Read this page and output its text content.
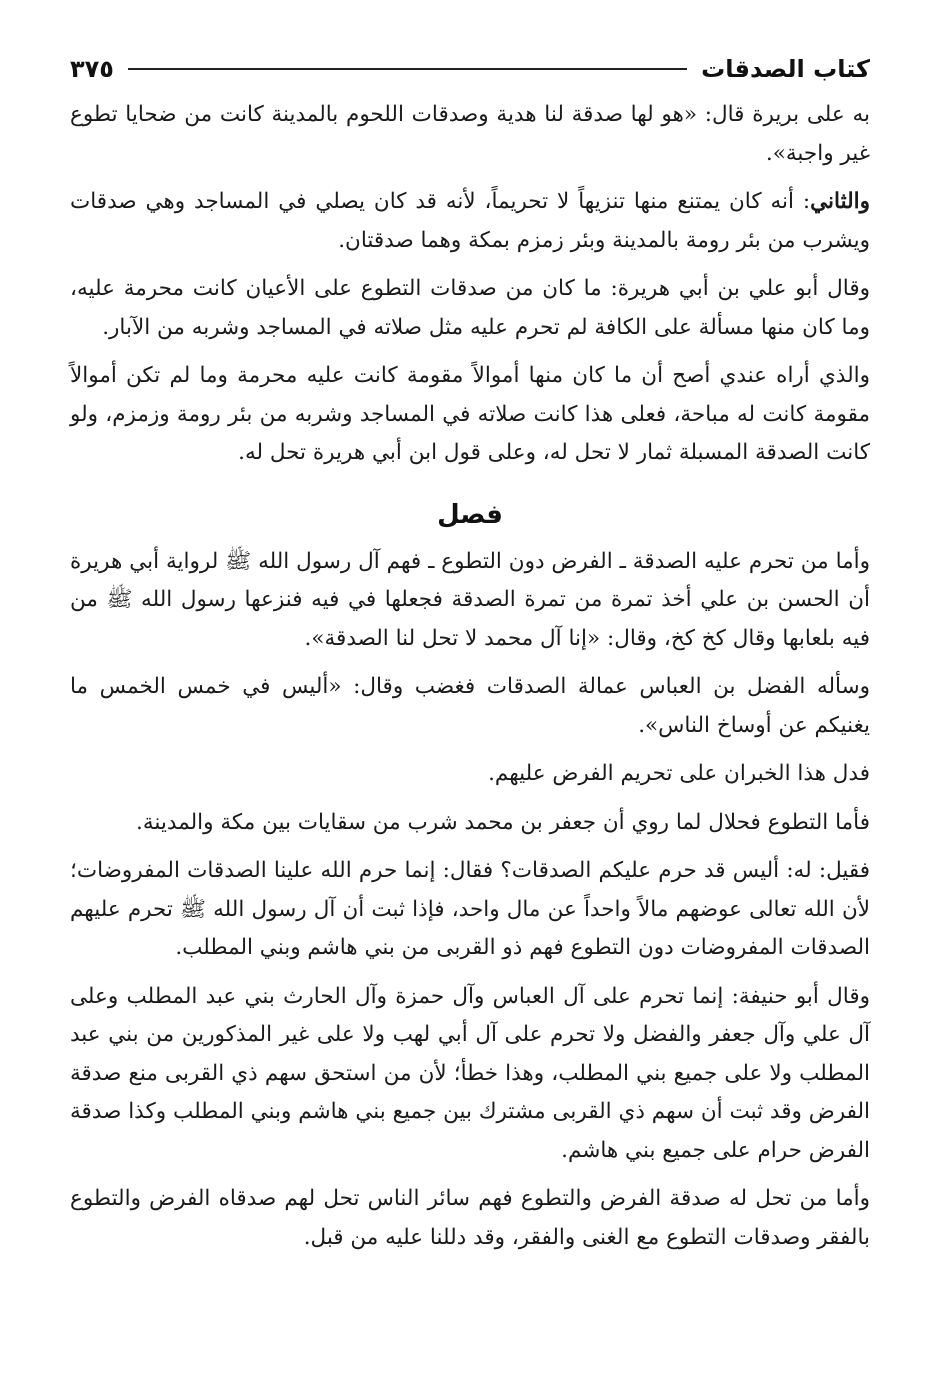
كتاب الصدقات
٣٧٥

به على بريرة قال: «هو لها صدقة لنا هدية وصدقات اللحوم بالمدينة كانت من ضحايا تطوع غير واجبة».

والثاني: أنه كان يمتنع منها تنزيهاً لا تحريماً، لأنه قد كان يصلي في المساجد وهي صدقات ويشرب من بئر رومة بالمدينة وبئر زمزم بمكة وهما صدقتان.

وقال أبو علي بن أبي هريرة: ما كان من صدقات التطوع على الأعيان كانت محرمة عليه، وما كان منها مسألة على الكافة لم تحرم عليه مثل صلاته في المساجد وشربه من الآبار.

والذي أراه عندي أصح أن ما كان منها أموالاً مقومة كانت عليه محرمة وما لم تكن أموالاً مقومة كانت له مباحة، فعلى هذا كانت صلاته في المساجد وشربه من بئر رومة وزمزم، ولو كانت الصدقة المسبلة ثمار لا تحل له، وعلى قول ابن أبي هريرة تحل له.

فصل

وأما من تحرم عليه الصدقة ـ الفرض دون التطوع ـ فهم آل رسول الله ﷺ لرواية أبي هريرة أن الحسن بن علي أخذ تمرة من تمرة الصدقة فجعلها في فيه فنزعها رسول الله ﷺ من فيه بلعابها وقال كخ كخ، وقال: «إنا آل محمد لا تحل لنا الصدقة».

وسأله الفضل بن العباس عمالة الصدقات فغضب وقال: «أليس في خمس الخمس ما يغنيكم عن أوساخ الناس».

فدل هذا الخبران على تحريم الفرض عليهم.

فأما التطوع فحلال لما روي أن جعفر بن محمد شرب من سقايات بين مكة والمدينة.

فقيل: له: أليس قد حرم عليكم الصدقات؟ فقال: إنما حرم الله علينا الصدقات المفروضات؛ لأن الله تعالى عوضهم مالاً واحداً عن مال واحد، فإذا ثبت أن آل رسول الله ﷺ تحرم عليهم الصدقات المفروضات دون التطوع فهم ذو القربى من بني هاشم وبني المطلب.

وقال أبو حنيفة: إنما تحرم على آل العباس وآل حمزة وآل الحارث بني عبد المطلب وعلى آل علي وآل جعفر والفضل ولا تحرم على آل أبي لهب ولا على غير المذكورين من بني عبد المطلب ولا على جميع بني المطلب، وهذا خطأ؛ لأن من استحق سهم ذي القربى منع صدقة الفرض وقد ثبت أن سهم ذي القربى مشترك بين جميع بني هاشم وبني المطلب وكذا صدقة الفرض حرام على جميع بني هاشم.

وأما من تحل له صدقة الفرض والتطوع فهم سائر الناس تحل لهم صدقاه الفرض والتطوع بالفقر وصدقات التطوع مع الغنى والفقر، وقد دللنا عليه من قبل.
